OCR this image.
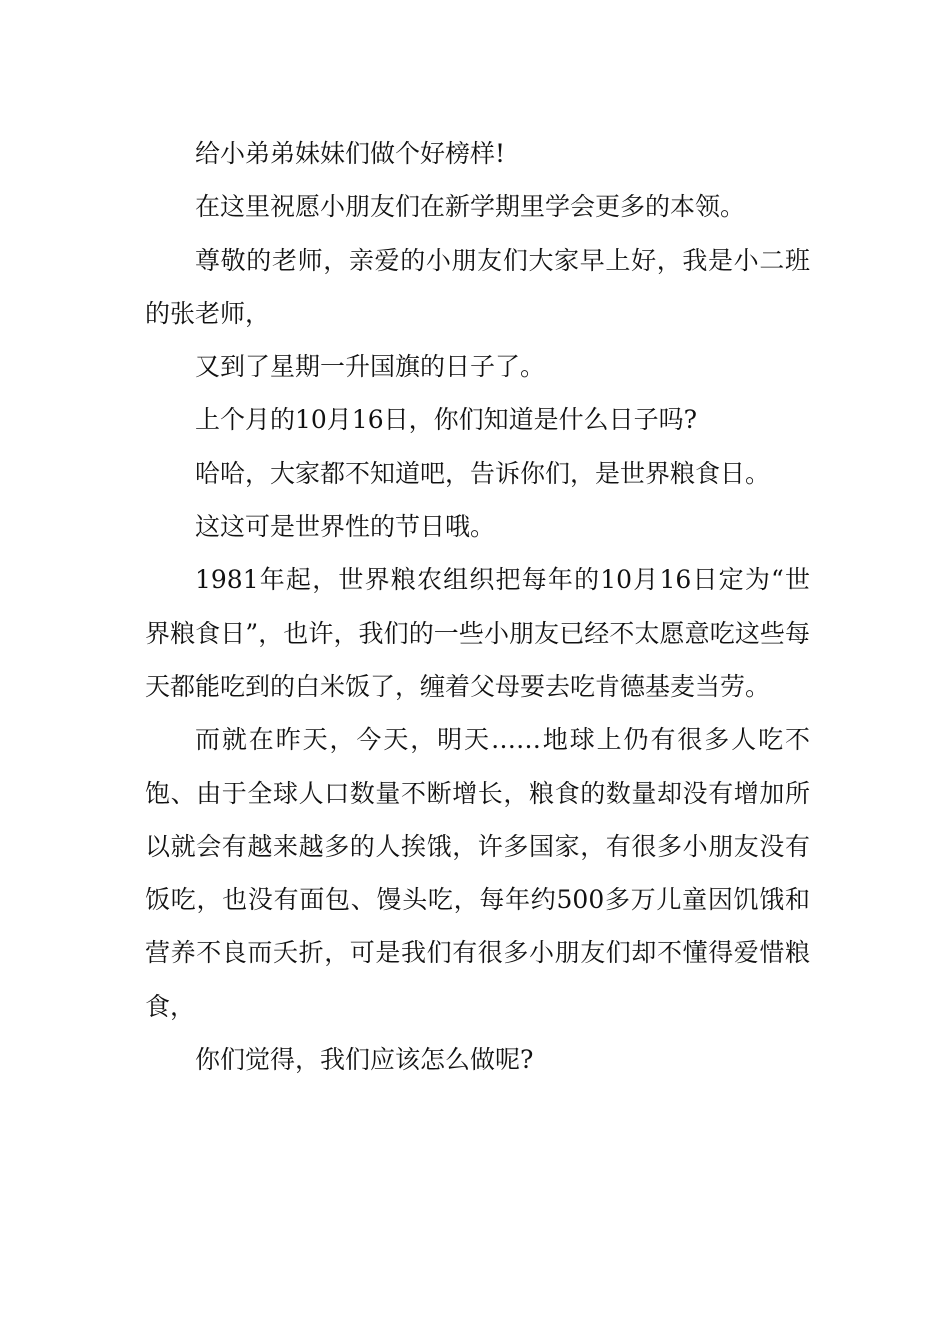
给小弟弟妹妹们做个好榜样!

在这里祝愿小朋友们在新学期里学会更多的本领。

尊敬的老师，亲爱的小朋友们大家早上好，我是小二班的张老师，

又到了星期一升国旗的日子了。

上个月的10月16日，你们知道是什么日子吗?

哈哈，大家都不知道吧，告诉你们，是世界粮食日。

这这可是世界性的节日哦。

1981年起，世界粮农组织把每年的10月16日定为“世界粮食日”，也许，我们的一些小朋友已经不太愿意吃这些每天都能吃到的白米饭了，缠着父母要去吃肯德基麦当劳。

而就在昨天，今天，明天……地球上仍有很多人吃不饱、由于全球人口数量不断增长，粮食的数量却没有增加所以就会有越来越多的人挨饿，许多国家，有很多小朋友没有饭吃，也没有面包、馒头吃，每年约500多万儿童因饥饿和营养不良而夭折，可是我们有很多小朋友们却不懂得爱惜粮食，

你们觉得，我们应该怎么做呢?
